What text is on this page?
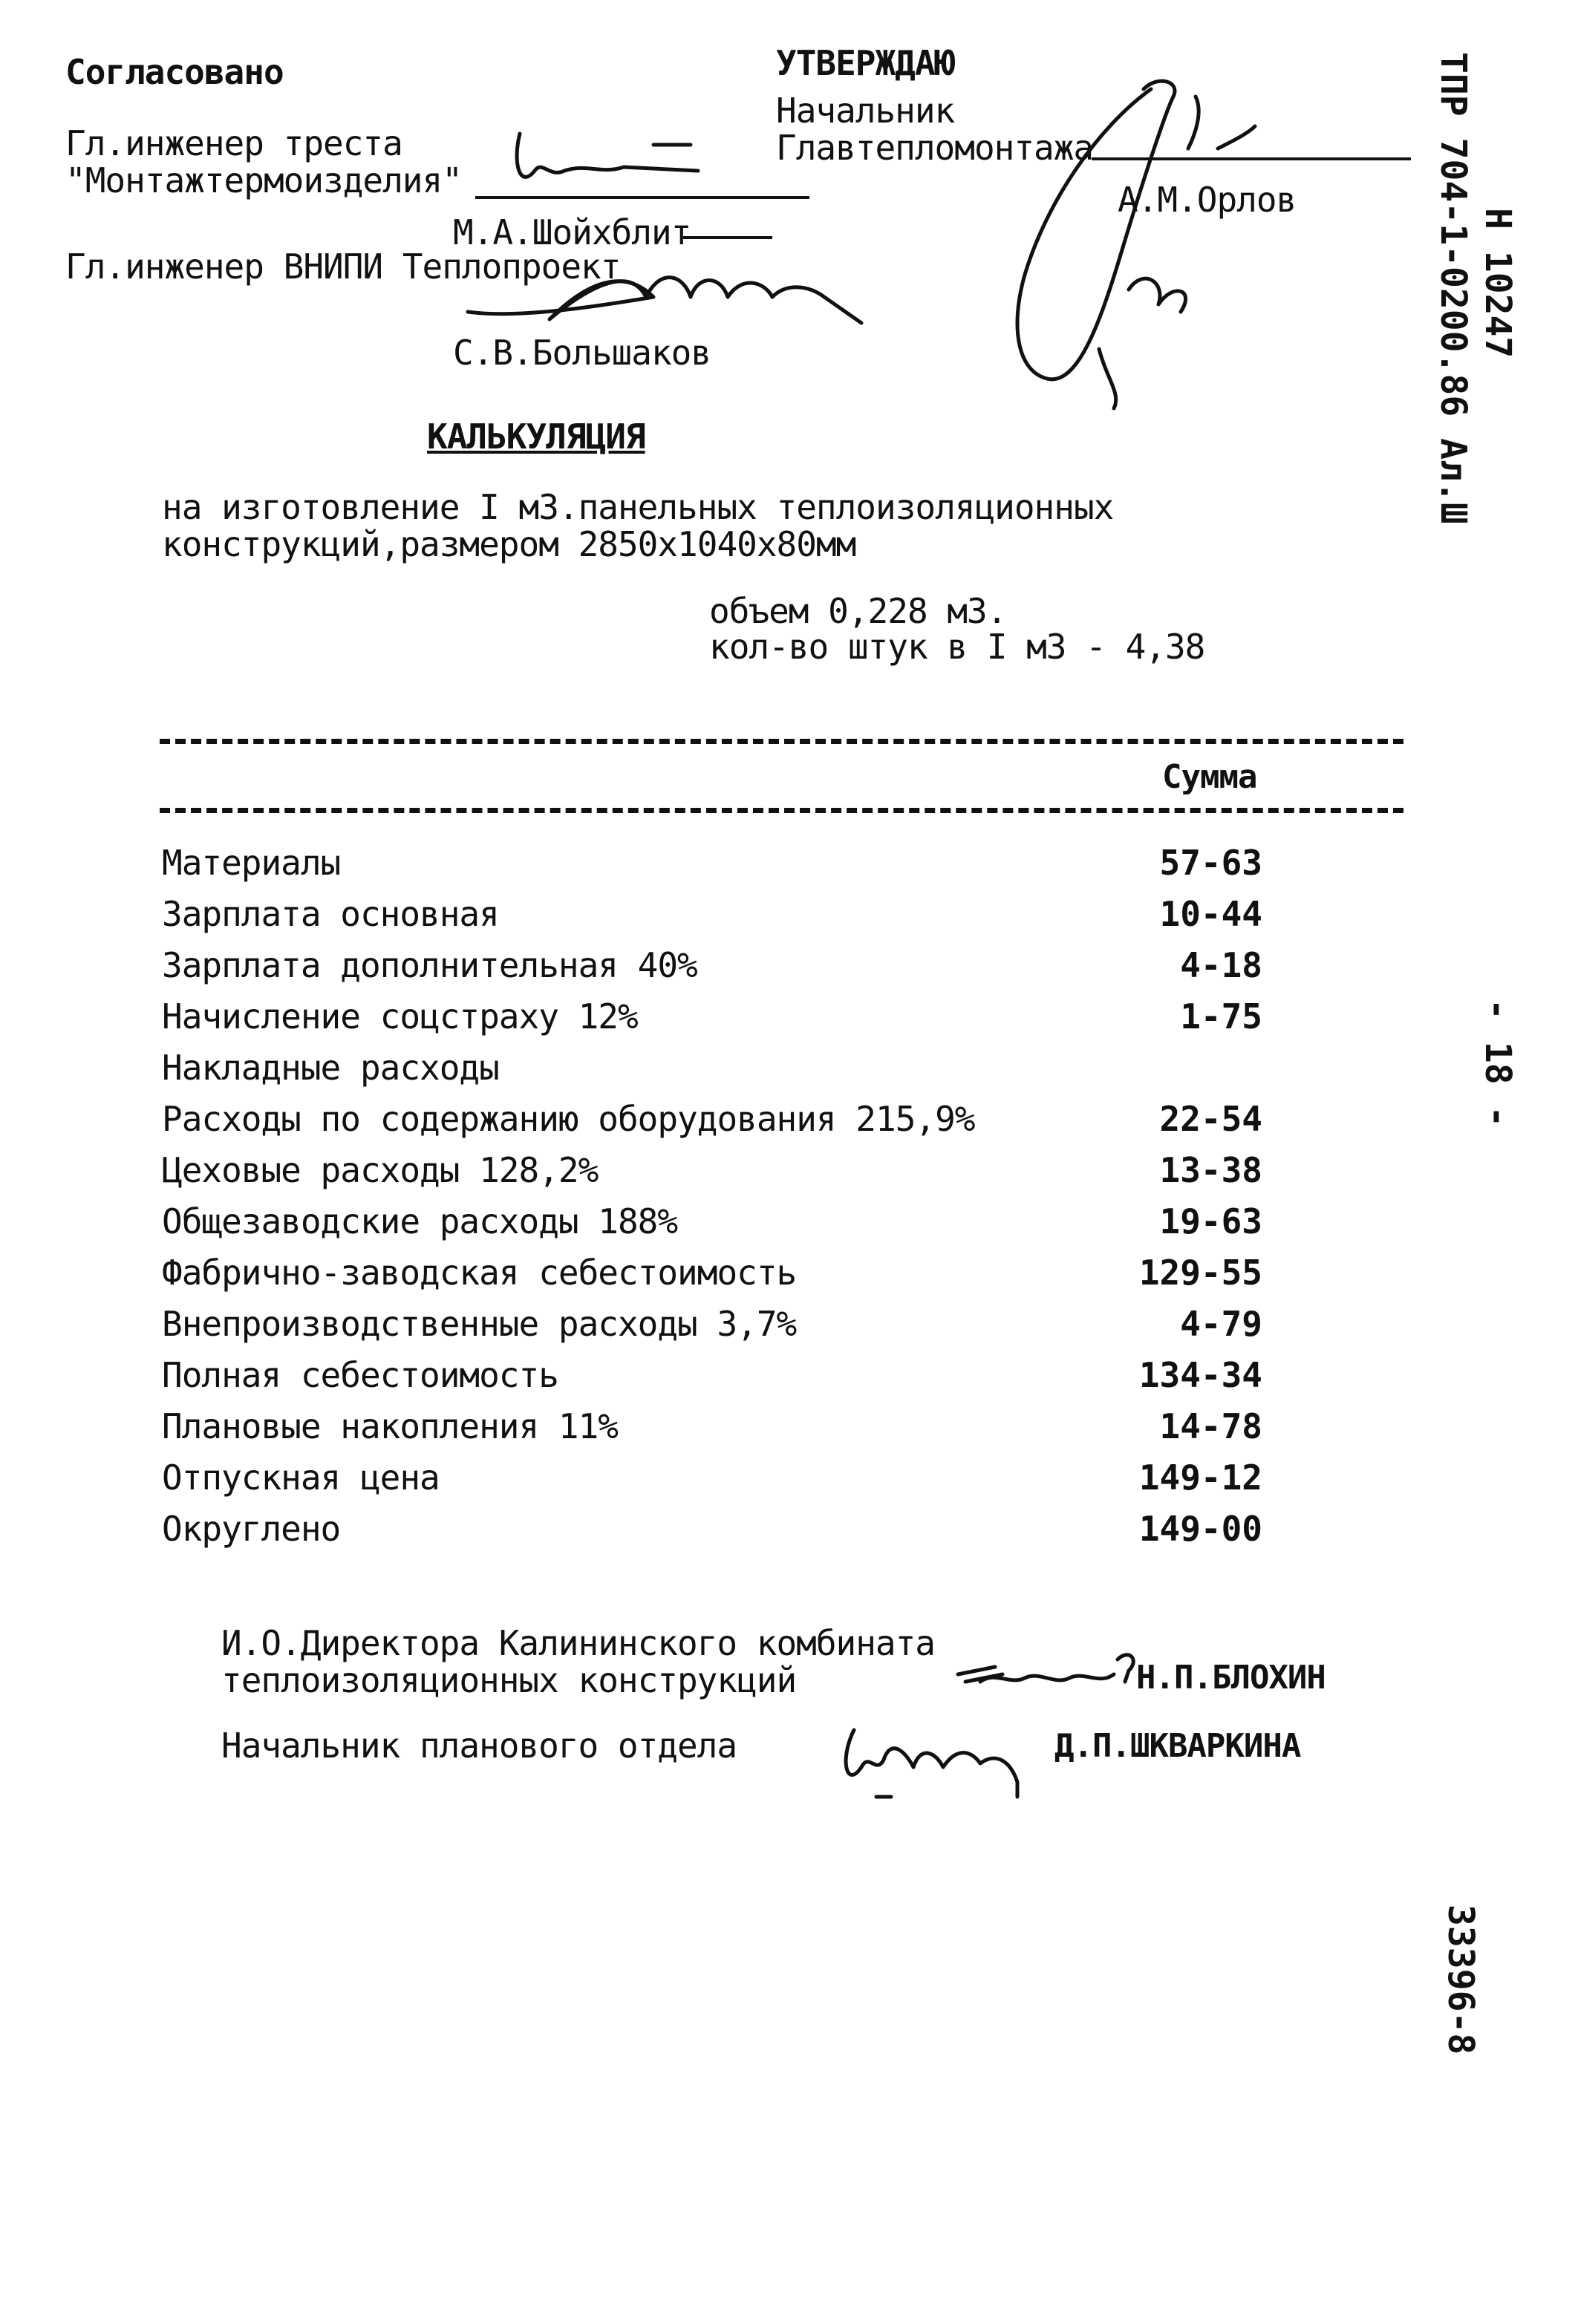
Согласовано
Гл.инженер треста
"Монтажтермоизделия"
М.А.Шойхблит
Гл.инженер ВНИПИ Теплопроект
С.В.Большаков
УТВЕРЖДАЮ
Начальник
Главтепломонтажа
А.М.Орлов	ТПР 704-1-0200.86 Ал.Ш Н 10247
- 18 -
33396-8
КАЛЬКУЛЯЦИЯ
на изготовление I м3.панельных теплоизоляционных
конструкций,размером 2850х1040х80мм
объем 0,228 м3.
кол-во штук в I м3 - 4,38
Сумма
Материалы	57-63
Зарплата основная	10-44
Зарплата дополнительная 40%	4-18
Начисление соцстраху 12%	1-75
Накладные расходы
Расходы по содержанию оборудования 215,9%	22-54
Цеховые расходы 128,2%	13-38
Общезаводские расходы 188%	19-63
Фабрично-заводская себестоимость	129-55
Внепроизводственные расходы 3,7%	4-79
Полная себестоимость	134-34
Плановые накопления 11%	14-78
Отпускная цена	149-12
Округлено	149-00
И.О.Директора Калининского комбината
теплоизоляционных конструкций	Н.П.БЛОХИН
Начальник планового отдела	Д.П.ШКВАРКИНА
